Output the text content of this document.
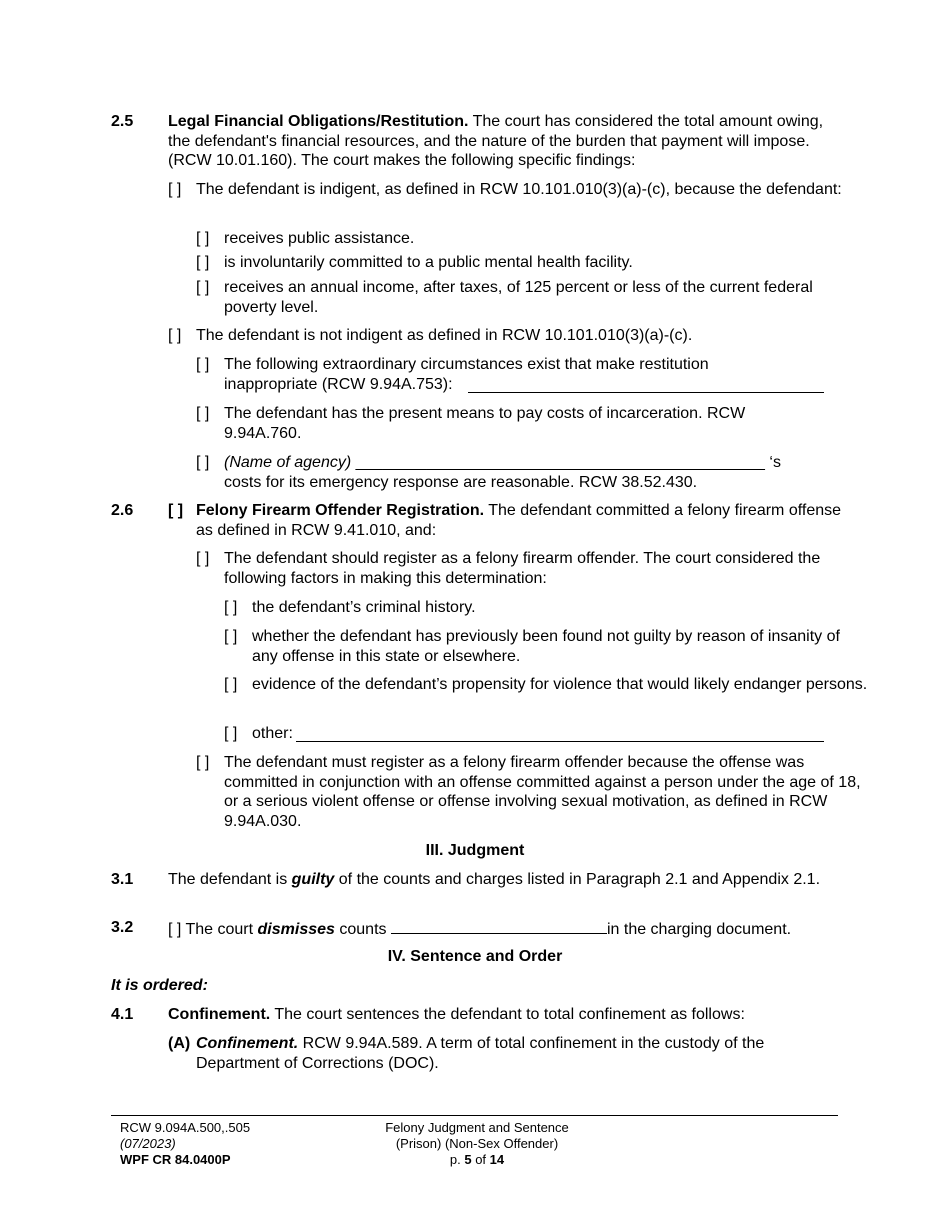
2.5 Legal Financial Obligations/Restitution. The court has considered the total amount owing, the defendant's financial resources, and the nature of the burden that payment will impose. (RCW 10.01.160). The court makes the following specific findings:
[ ] The defendant is indigent, as defined in RCW 10.101.010(3)(a)-(c), because the defendant:
[ ] receives public assistance.
[ ] is involuntarily committed to a public mental health facility.
[ ] receives an annual income, after taxes, of 125 percent or less of the current federal poverty level.
[ ] The defendant is not indigent as defined in RCW 10.101.010(3)(a)-(c).
[ ] The following extraordinary circumstances exist that make restitution inappropriate (RCW 9.94A.753):
[ ] The defendant has the present means to pay costs of incarceration. RCW 9.94A.760.
[ ] (Name of agency) ______________________________________________ ‘s
costs for its emergency response are reasonable. RCW 38.52.430.
2.6 [ ] Felony Firearm Offender Registration. The defendant committed a felony firearm offense as defined in RCW 9.41.010, and:
[ ] The defendant should register as a felony firearm offender. The court considered the following factors in making this determination:
[ ] the defendant’s criminal history.
[ ] whether the defendant has previously been found not guilty by reason of insanity of any offense in this state or elsewhere.
[ ] evidence of the defendant’s propensity for violence that would likely endanger persons.
[ ] other:
[ ] The defendant must register as a felony firearm offender because the offense was committed in conjunction with an offense committed against a person under the age of 18, or a serious violent offense or offense involving sexual motivation, as defined in RCW 9.94A.030.
III. Judgment
3.1 The defendant is guilty of the counts and charges listed in Paragraph 2.1 and Appendix 2.1.
3.2 [ ] The court dismisses counts	in the charging document.
IV. Sentence and Order
It is ordered:
4.1 Confinement. The court sentences the defendant to total confinement as follows:
(A) Confinement. RCW 9.94A.589. A term of total confinement in the custody of the Department of Corrections (DOC).
RCW 9.094A.500,.505
(07/2023)
WPF CR 84.0400P
Felony Judgment and Sentence
(Prison) (Non-Sex Offender)
p. 5 of 14
